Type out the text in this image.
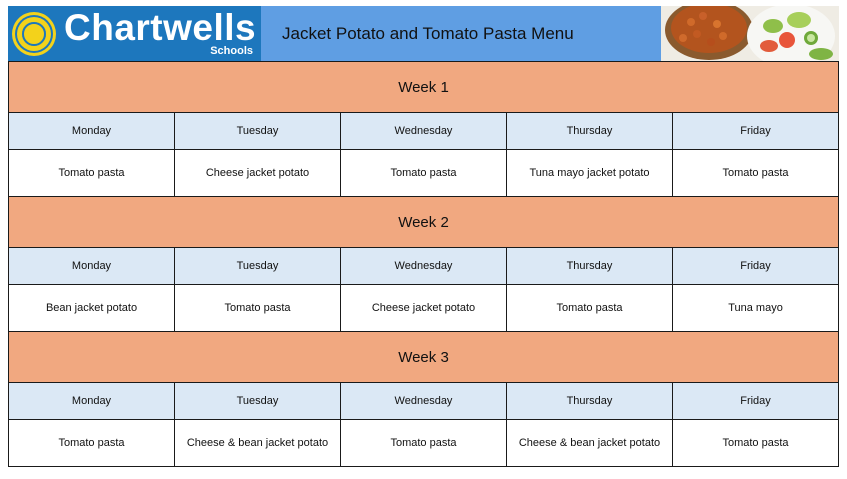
Chartwells
Schools
Jacket Potato and Tomato Pasta Menu
Week 1				
Monday	Tuesday	Wednesday	Thursday	Friday
Tomato pasta	Cheese jacket potato	Tomato pasta	Tuna mayo jacket potato	Tomato pasta
Week 2				
Monday	Tuesday	Wednesday	Thursday	Friday
Bean jacket potato	Tomato pasta	Cheese jacket potato	Tomato pasta	Tuna mayo
Week 3				
Monday	Tuesday	Wednesday	Thursday	Friday
Tomato pasta	Cheese & bean jacket potato	Tomato pasta	Cheese & bean jacket potato	Tomato pasta
